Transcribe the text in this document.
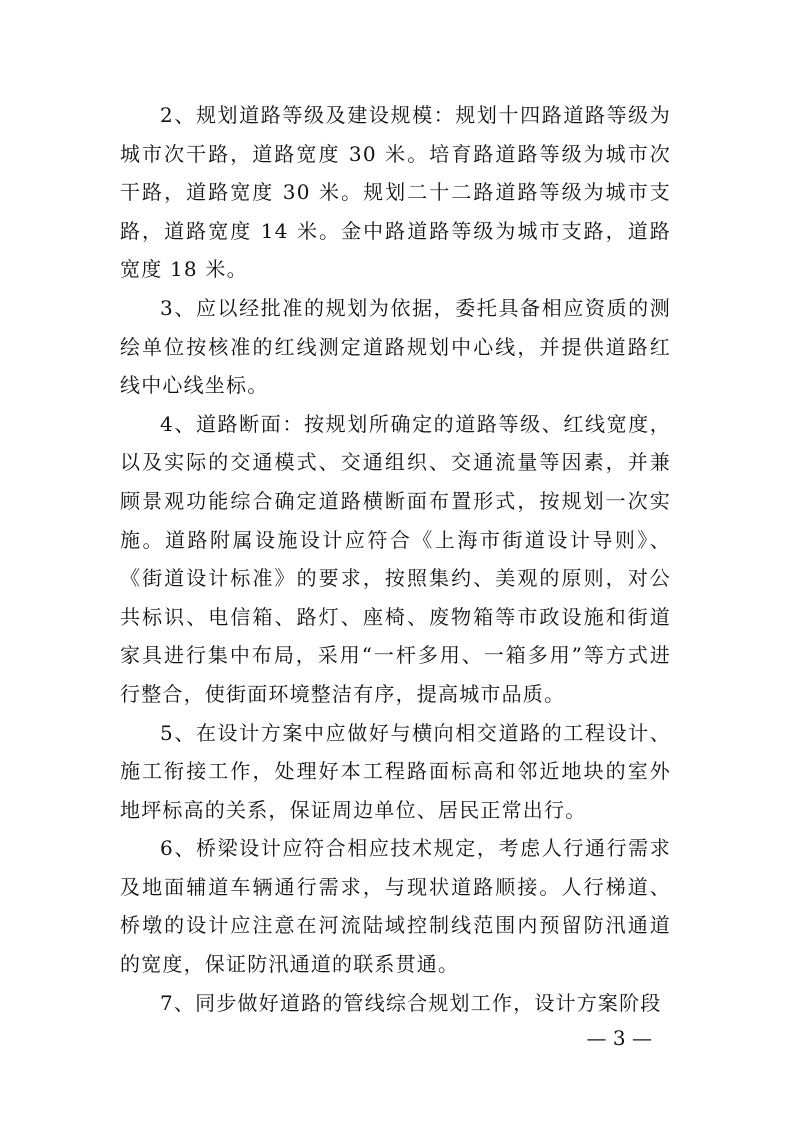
2、规划道路等级及建设规模：规划十四路道路等级为城市次干路，道路宽度 30 米。培育路道路等级为城市次干路，道路宽度 30 米。规划二十二路道路等级为城市支路，道路宽度 14 米。金中路道路等级为城市支路，道路宽度 18 米。

3、应以经批准的规划为依据，委托具备相应资质的测绘单位按核准的红线测定道路规划中心线，并提供道路红线中心线坐标。

4、道路断面：按规划所确定的道路等级、红线宽度，以及实际的交通模式、交通组织、交通流量等因素，并兼顾景观功能综合确定道路横断面布置形式，按规划一次实施。道路附属设施设计应符合《上海市街道设计导则》、《街道设计标准》的要求，按照集约、美观的原则，对公共标识、电信箱、路灯、座椅、废物箱等市政设施和街道家具进行集中布局，采用“一杆多用、一箱多用”等方式进行整合，使街面环境整洁有序，提高城市品质。

5、在设计方案中应做好与横向相交道路的工程设计、施工衔接工作，处理好本工程路面标高和邻近地块的室外地坪标高的关系，保证周边单位、居民正常出行。

6、桥梁设计应符合相应技术规定，考虑人行通行需求及地面辅道车辆通行需求，与现状道路顺接。人行梯道、桥墩的设计应注意在河流陆域控制线范围内预留防汛通道的宽度，保证防汛通道的联系贯通。

7、同步做好道路的管线综合规划工作，设计方案阶段

— 3 —
